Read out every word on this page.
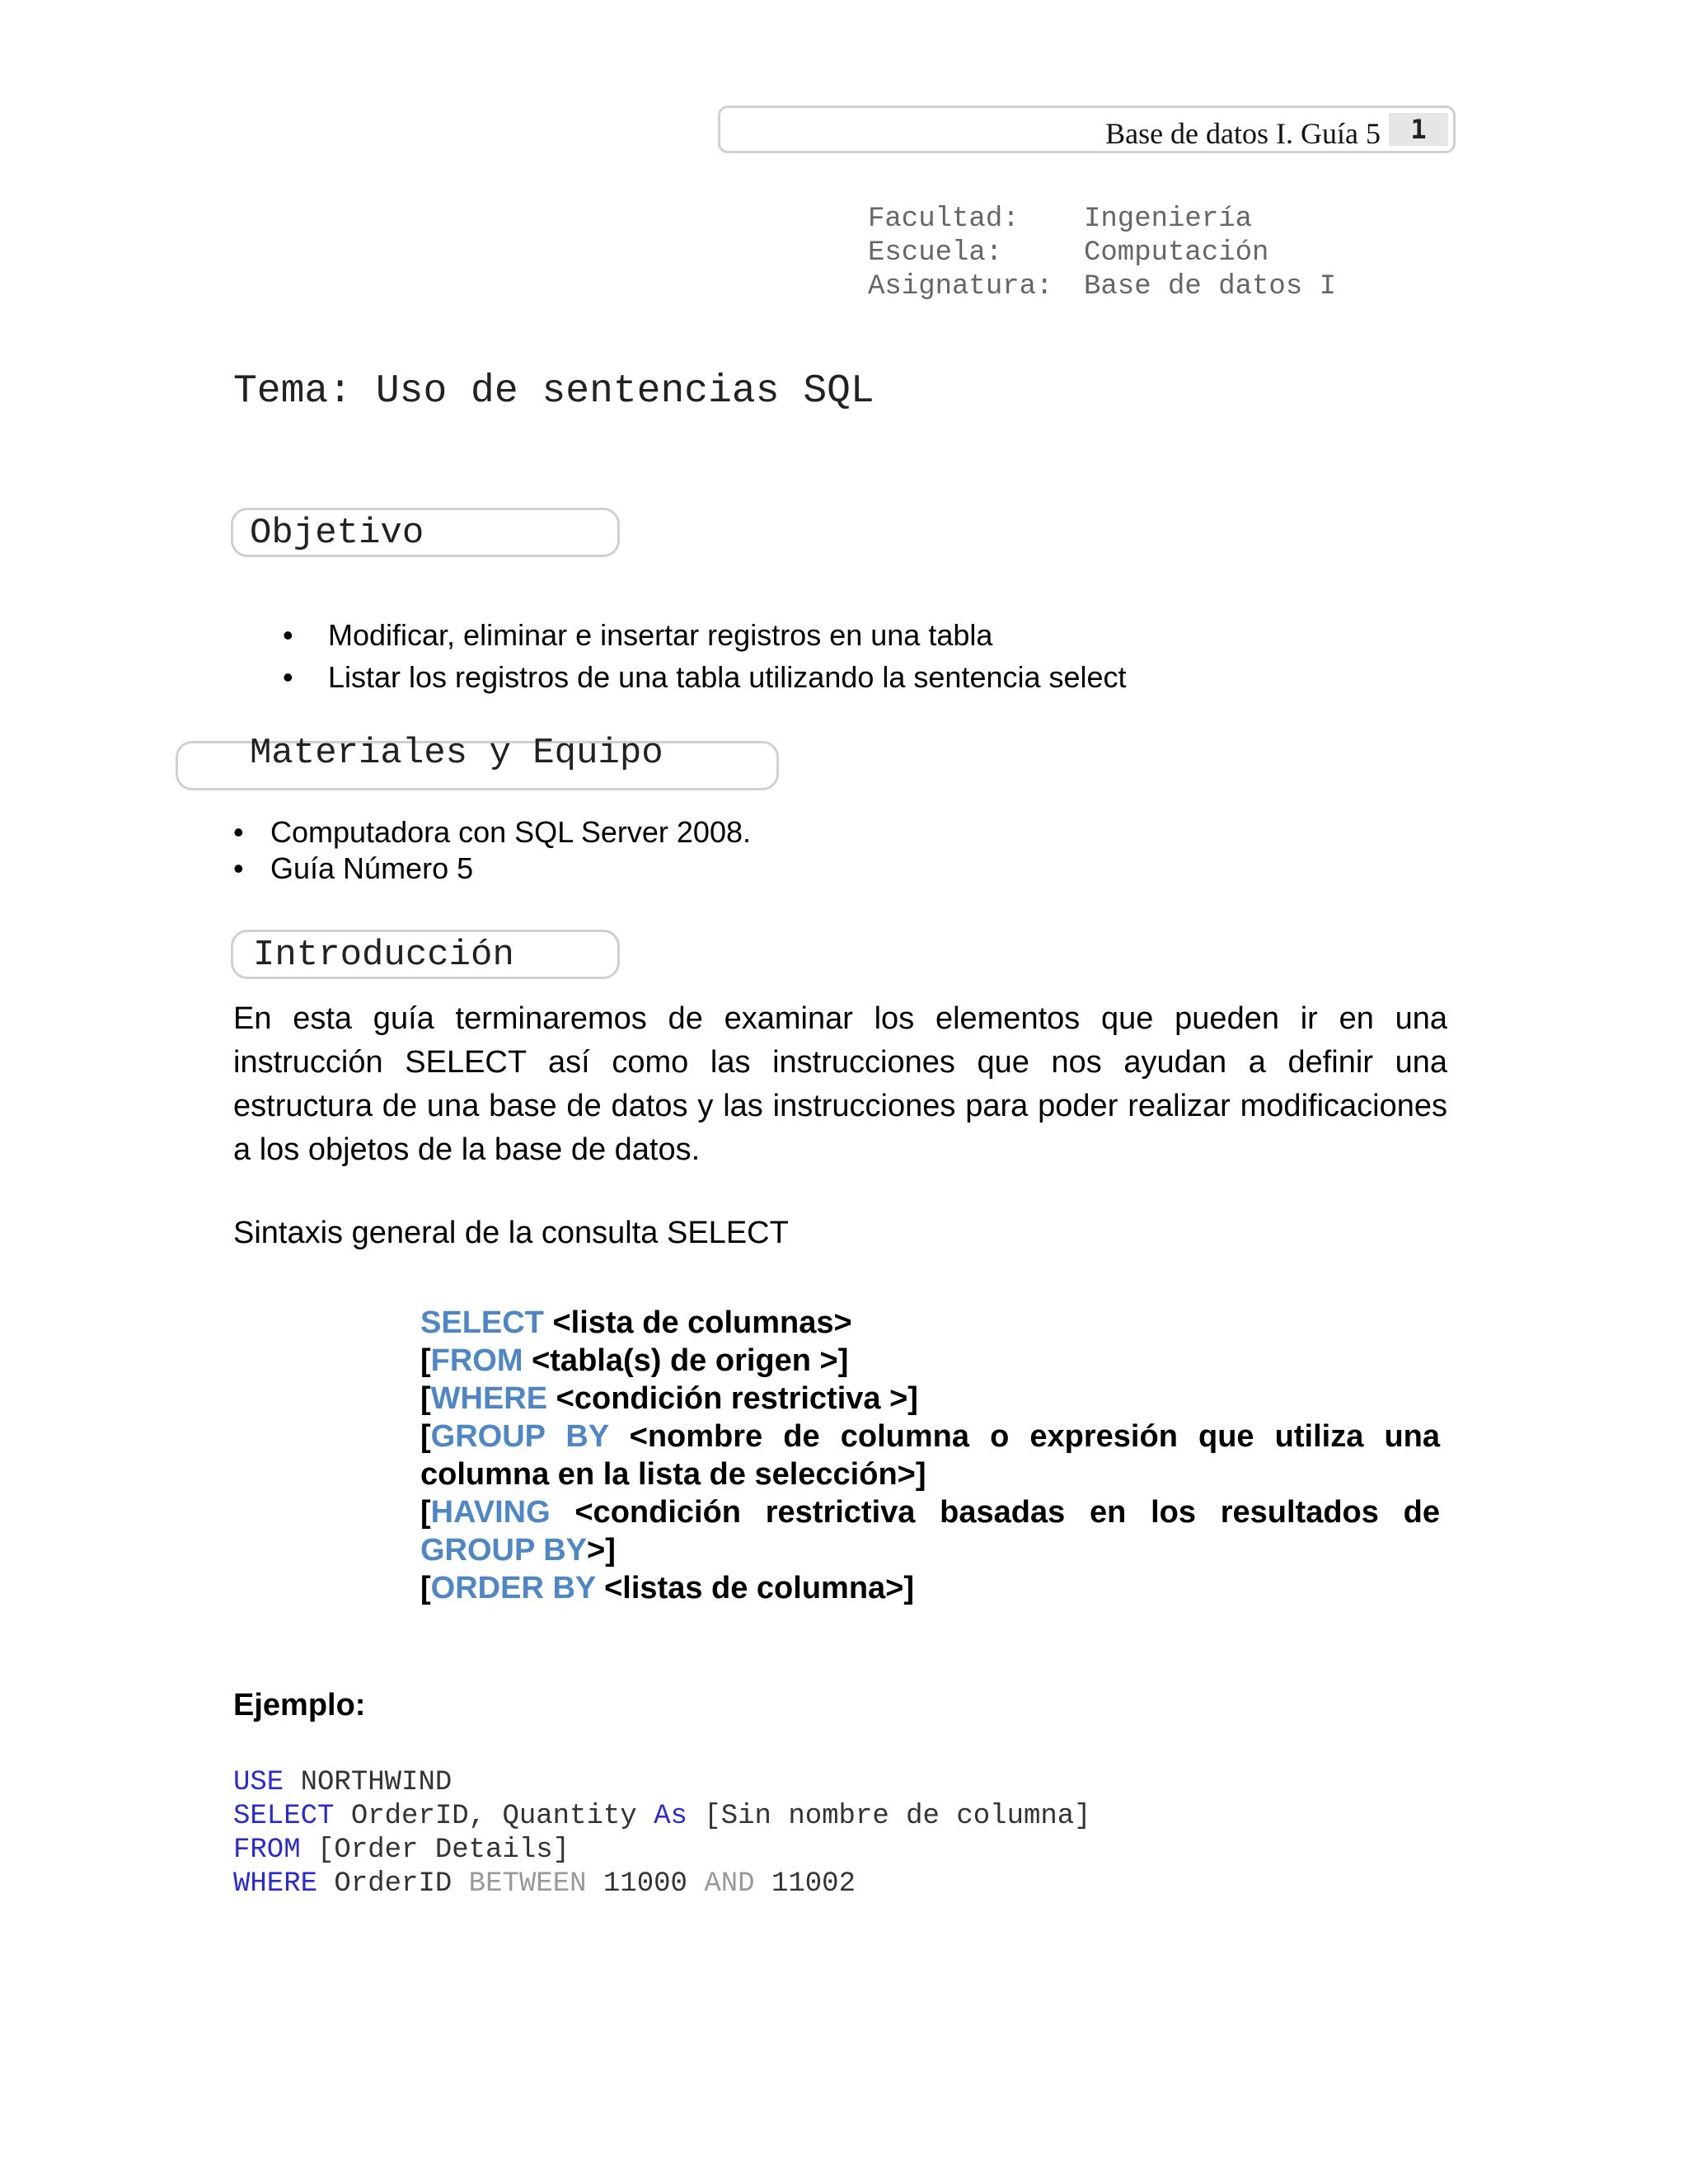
Base de datos I. Guía 5	1
Facultad: Ingeniería
Escuela:	Computación
Asignatura: Base de datos I
Tema: Uso de sentencias SQL
Objetivo
• Modificar, eliminar e insertar registros en una tabla
• Listar los registros de una tabla utilizando la sentencia select
Materiales y Equipo
• Computadora con SQL Server 2008.
• Guía Número 5
Introducción
En esta guía terminaremos de examinar los elementos que pueden ir en una instrucción SELECT así como las instrucciones que nos ayudan a definir una estructura de una base de datos y las instrucciones para poder realizar modificaciones a los objetos de la base de datos.
Sintaxis general de la consulta SELECT
SELECT <lista de columnas>
[FROM <tabla(s) de origen >]
[WHERE <condición restrictiva >]
[GROUP BY <nombre de columna o expresión que utiliza una
columna en la lista de selección>]
[HAVING <condición restrictiva basadas en los resultados de
GROUP BY>]
[ORDER BY <listas de columna>]
Ejemplo:
USE NORTHWIND
SELECT OrderID, Quantity As [Sin nombre de columna]
FROM [Order Details]
WHERE OrderID BETWEEN 11000 AND 11002
